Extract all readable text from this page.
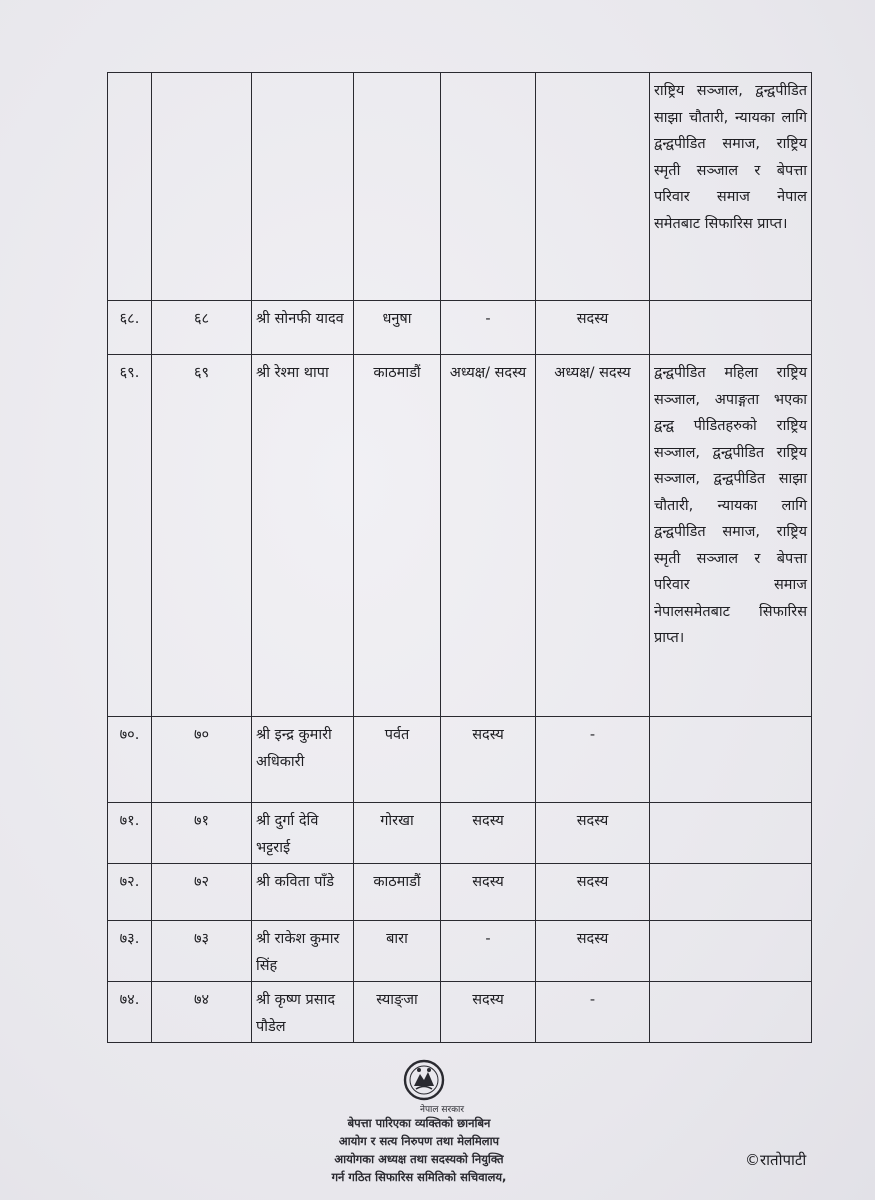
						राष्ट्रिय सञ्जाल, द्वन्द्वपीडित साझा चौतारी, न्यायका लागि द्वन्द्वपीडित समाज, राष्ट्रिय स्मृती सञ्जाल र बेपत्ता परिवार समाज नेपाल समेतबाट सिफारिस प्राप्त।
६८.	६८	श्री सोनफी यादव	धनुषा	-	सदस्य	
६९.	६९	श्री रेश्मा थापा	काठमाडौं	अध्यक्ष/ सदस्य	अध्यक्ष/ सदस्य	द्वन्द्वपीडित महिला राष्ट्रिय सञ्जाल, अपाङ्गता भएका द्वन्द्व पीडितहरुको राष्ट्रिय सञ्जाल, द्वन्द्वपीडित राष्ट्रिय सञ्जाल, द्वन्द्वपीडित साझा चौतारी, न्यायका लागि द्वन्द्वपीडित समाज, राष्ट्रिय स्मृती सञ्जाल र बेपत्ता परिवार समाज नेपालसमेतबाट सिफारिस प्राप्त।
७०.	७०	श्री इन्द्र कुमारी अधिकारी	पर्वत	सदस्य	-	
७१.	७१	श्री दुर्गा देवि भट्टराई	गोरखा	सदस्य	सदस्य	
७२.	७२	श्री कविता पाँडे	काठमाडौं	सदस्य	सदस्य	
७३.	७३	श्री राकेश कुमार सिंह	बारा	-	सदस्य	
७४.	७४	श्री कृष्ण प्रसाद पौडेल	स्याङ्जा	सदस्य	-	
नेपाल सरकार
बेपत्ता पारिएका व्यक्तिको छानबिन
आयोग र सत्य निरुपण तथा मेलमिलाप
आयोगका अध्यक्ष तथा सदस्यको नियुक्ति
गर्न गठित सिफारिस समितिको सचिवालय,
©रातोपाटी
